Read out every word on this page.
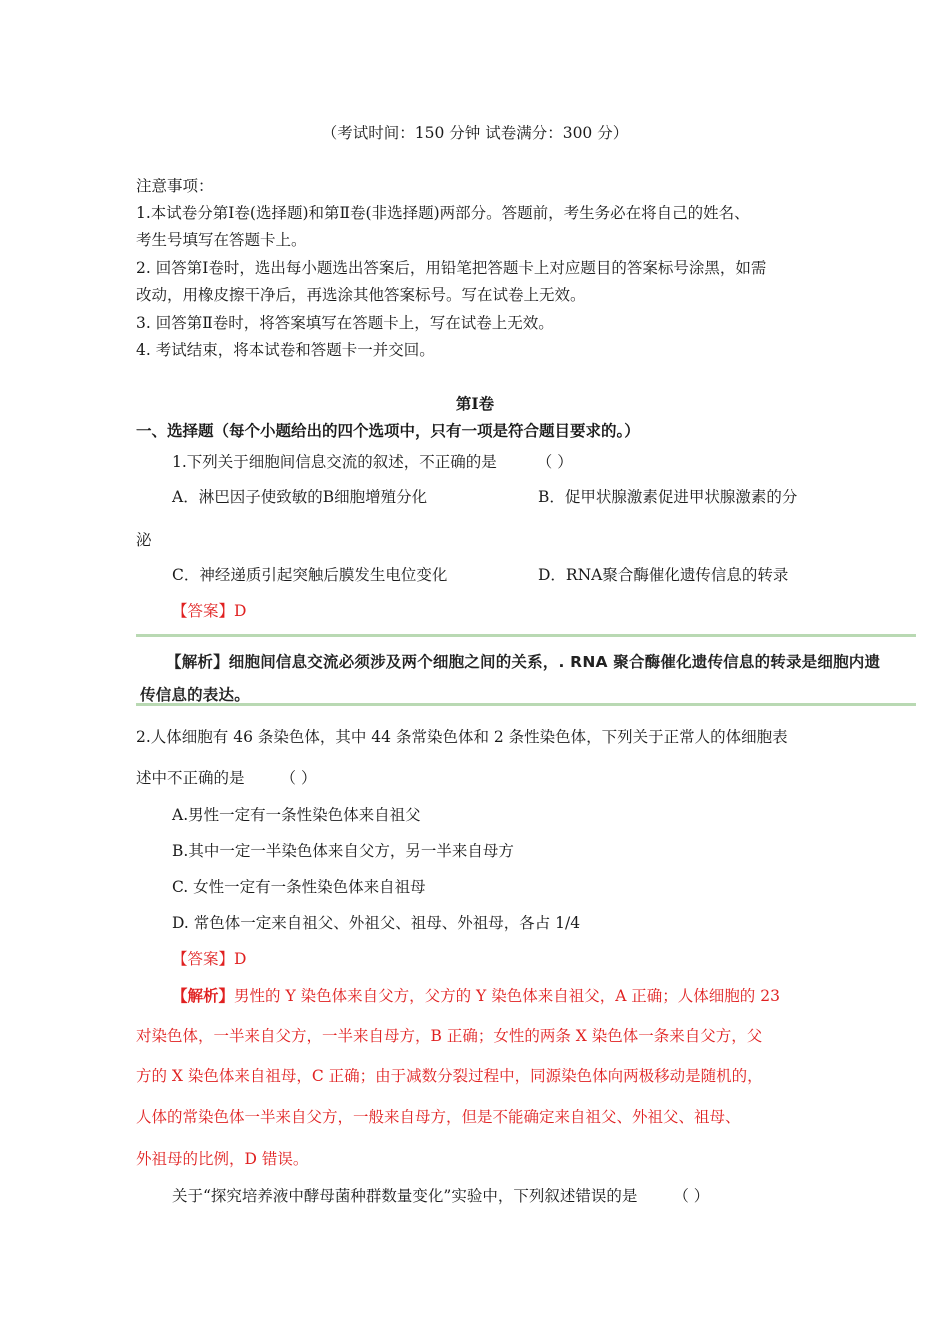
（考试时间：150 分钟 试卷满分：300 分）
注意事项：
1.本试卷分第Ⅰ卷(选择题)和第Ⅱ卷(非选择题)两部分。答题前，考生务必在将自己的姓名、
考生号填写在答题卡上。
2. 回答第Ⅰ卷时，选出每小题选出答案后，用铅笔把答题卡上对应题目的答案标号涂黑，如需
改动，用橡皮擦干净后，再选涂其他答案标号。写在试卷上无效。
3. 回答第Ⅱ卷时，将答案填写在答题卡上，写在试卷上无效。
4. 考试结束，将本试卷和答题卡一并交回。
第Ⅰ卷
一、选择题（每个小题给出的四个选项中，只有一项是符合题目要求的。）
1.下列关于细胞间信息交流的叙述，不正确的是	（ ）
A．淋巴因子使致敏的B细胞增殖分化	B．促甲状腺激素促进甲状腺激素的分
泌
C．神经递质引起突触后膜发生电位变化	D．RNA聚合酶催化遗传信息的转录
【答案】D
【解析】细胞间信息交流必须涉及两个细胞之间的关系，. RNA 聚合酶催化遗传信息的转录是细胞内遗
传信息的表达。
2.人体细胞有 46 条染色体，其中 44 条常染色体和 2 条性染色体，下列关于正常人的体细胞表
述中不正确的是 （ ）
A.男性一定有一条性染色体来自祖父
B.其中一定一半染色体来自父方，另一半来自母方
C. 女性一定有一条性染色体来自祖母
D. 常色体一定来自祖父、外祖父、祖母、外祖母，各占 1/4
【答案】D
【解析】男性的 Y 染色体来自父方，父方的 Y 染色体来自祖父，A 正确；人体细胞的 23
对染色体，一半来自父方，一半来自母方，B 正确；女性的两条 X 染色体一条来自父方，父
方的 X 染色体来自祖母，C 正确；由于减数分裂过程中，同源染色体向两极移动是随机的，
人体的常染色体一半来自父方，一般来自母方，但是不能确定来自祖父、外祖父、祖母、
外祖母的比例，D 错误。
关于“探究培养液中酵母菌种群数量变化”实验中，下列叙述错误的是 （ ）
